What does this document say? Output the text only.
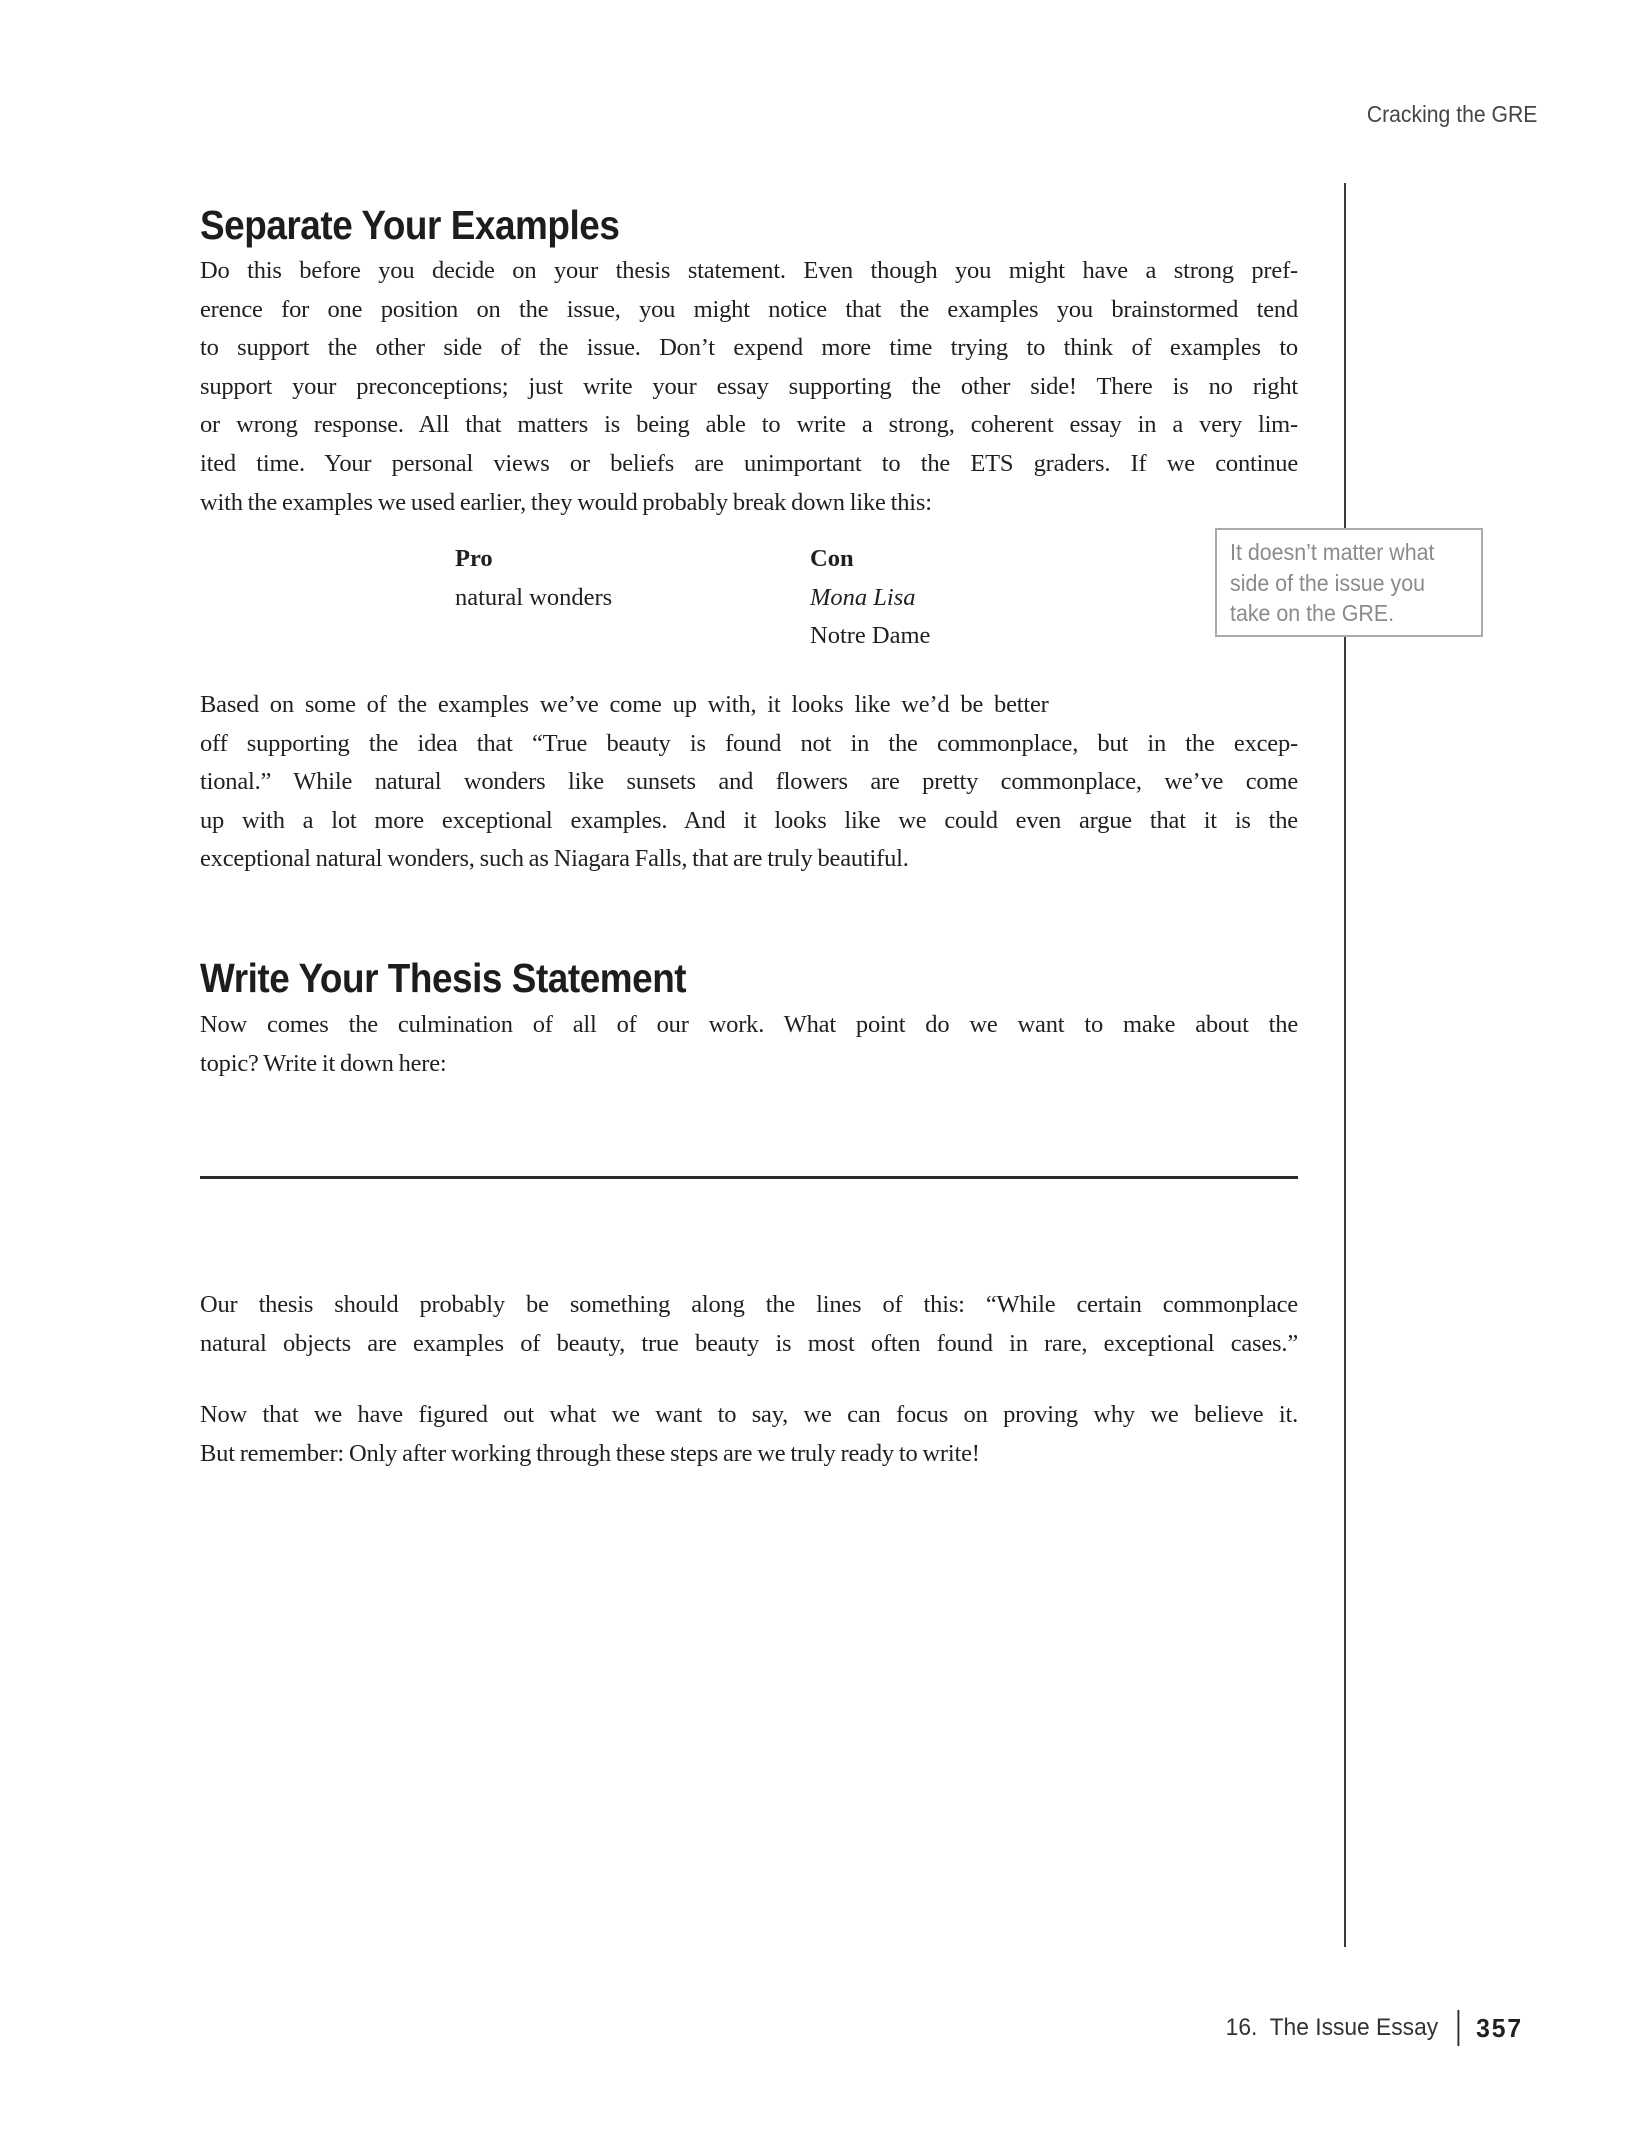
Cracking the GRE
Separate Your Examples
Do this before you decide on your thesis statement. Even though you might have a strong pref-
erence for one position on the issue, you might notice that the examples you brainstormed tend
to support the other side of the issue. Don’t expend more time trying to think of examples to
support your preconceptions; just write your essay supporting the other side! There is no right
or wrong response. All that matters is being able to write a strong, coherent essay in a very lim-
ited time. Your personal views or beliefs are unimportant to the ETS graders. If we continue
with the examples we used earlier, they would probably break down like this:
Pro
natural wonders
Con
Mona Lisa
Notre Dame
Based on some of the examples we’ve come up with, it looks like we’d be better
off supporting the idea that “True beauty is found not in the commonplace, but in the excep-
tional.” While natural wonders like sunsets and flowers are pretty commonplace, we’ve come
up with a lot more exceptional examples. And it looks like we could even argue that it is the
exceptional natural wonders, such as Niagara Falls, that are truly beautiful.
Write Your Thesis Statement
Now comes the culmination of all of our work. What point do we want to make about the
topic? Write it down here:
Our thesis should probably be something along the lines of this: “While certain commonplace
natural objects are examples of beauty, true beauty is most often found in rare, exceptional cases.”
Now that we have figured out what we want to say, we can focus on proving why we believe it.
But remember: Only after working through these steps are we truly ready to write!
It doesn’t matter what
side of the issue you
take on the GRE.
16.  The Issue Essay 357
